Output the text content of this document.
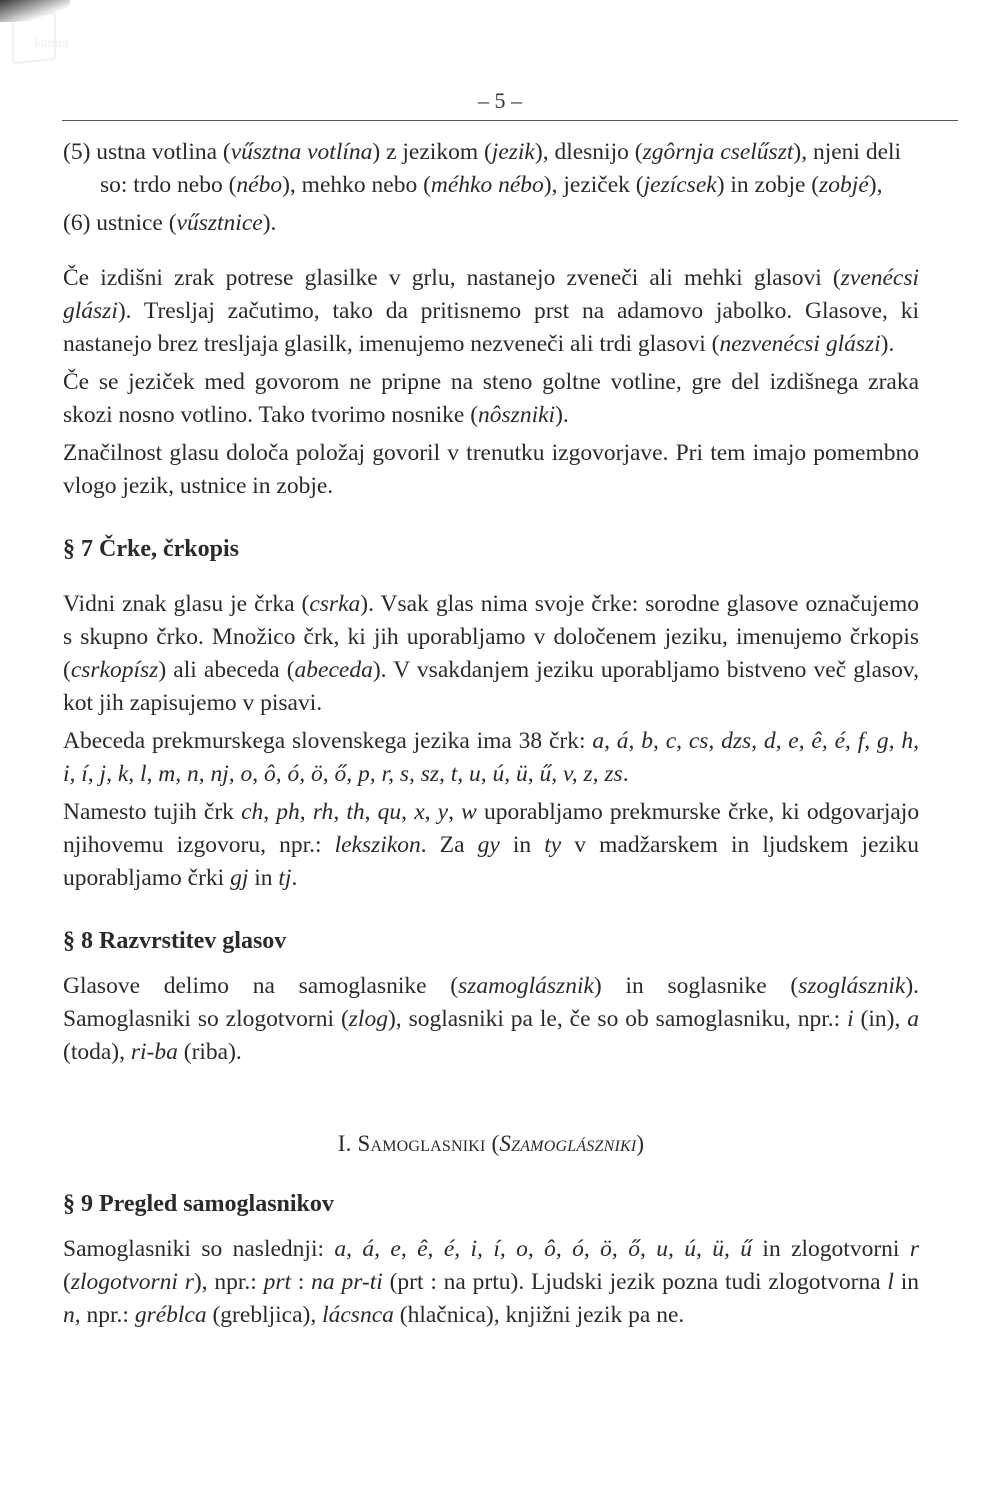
kamra
– 5 –

(5) ustna votlina (vűsztna votlína) z jezikom (jezik), dlesnijo (zgôrnja cselűszt), njeni deli so: trdo nebo (nébo), mehko nebo (méhko nébo), jeziček (jezícsek) in zobje (zobjé),

(6) ustnice (vűsztnice).

Če izdišni zrak potrese glasilke v grlu, nastanejo zveneči ali mehki glasovi (zvenécsi glászi). Tresljaj začutimo, tako da pritisnemo prst na adamovo jabolko. Glasove, ki nastanejo brez tresljaja glasilk, imenujemo nezveneči ali trdi glasovi (nezvenécsi glászi).

Če se jeziček med govorom ne pripne na steno goltne votline, gre del izdišnega zraka skozi nosno votlino. Tako tvorimo nosnike (nôszniki).

Značilnost glasu določa položaj govoril v trenutku izgovorjave. Pri tem imajo pomembno vlogo jezik, ustnice in zobje.

§ 7 Črke, črkopis

Vidni znak glasu je črka (csrka). Vsak glas nima svoje črke: sorodne glasove označujemo s skupno črko. Množico črk, ki jih uporabljamo v določenem jeziku, imenujemo črkopis (csrkopísz) ali abeceda (abeceda). V vsakdanjem jeziku uporabljamo bistveno več glasov, kot jih zapisujemo v pisavi.

Abeceda prekmurskega slovenskega jezika ima 38 črk: a, á, b, c, cs, dzs, d, e, ê, é, f, g, h, i, í, j, k, l, m, n, nj, o, ô, ó, ö, ő, p, r, s, sz, t, u, ú, ü, ű, v, z, zs.

Namesto tujih črk ch, ph, rh, th, qu, x, y, w uporabljamo prekmurske črke, ki odgovarjajo njihovemu izgovoru, npr.: lekszikon. Za gy in ty v madžarskem in ljudskem jeziku uporabljamo črki gj in tj.

§ 8 Razvrstitev glasov

Glasove delimo na samoglasnike (szamoglásznik) in soglasnike (szoglásznik). Samoglasniki so zlogotvorni (zlog), soglasniki pa le, če so ob samoglasniku, npr.: i (in), a (toda), ri-ba (riba).

I. Samoglasniki (Szamoglászniki)
§ 9 Pregled samoglasnikov

Samoglasniki so naslednji: a, á, e, ê, é, i, í, o, ô, ó, ö, ő, u, ú, ü, ű in zlogotvorni r (zlogotvorni r), npr.: prt : na pr-ti (prt : na prtu). Ljudski jezik pozna tudi zlogotvorna l in n, npr.: gréblca (grebljica), lácsnca (hlačnica), knjižni jezik pa ne.
